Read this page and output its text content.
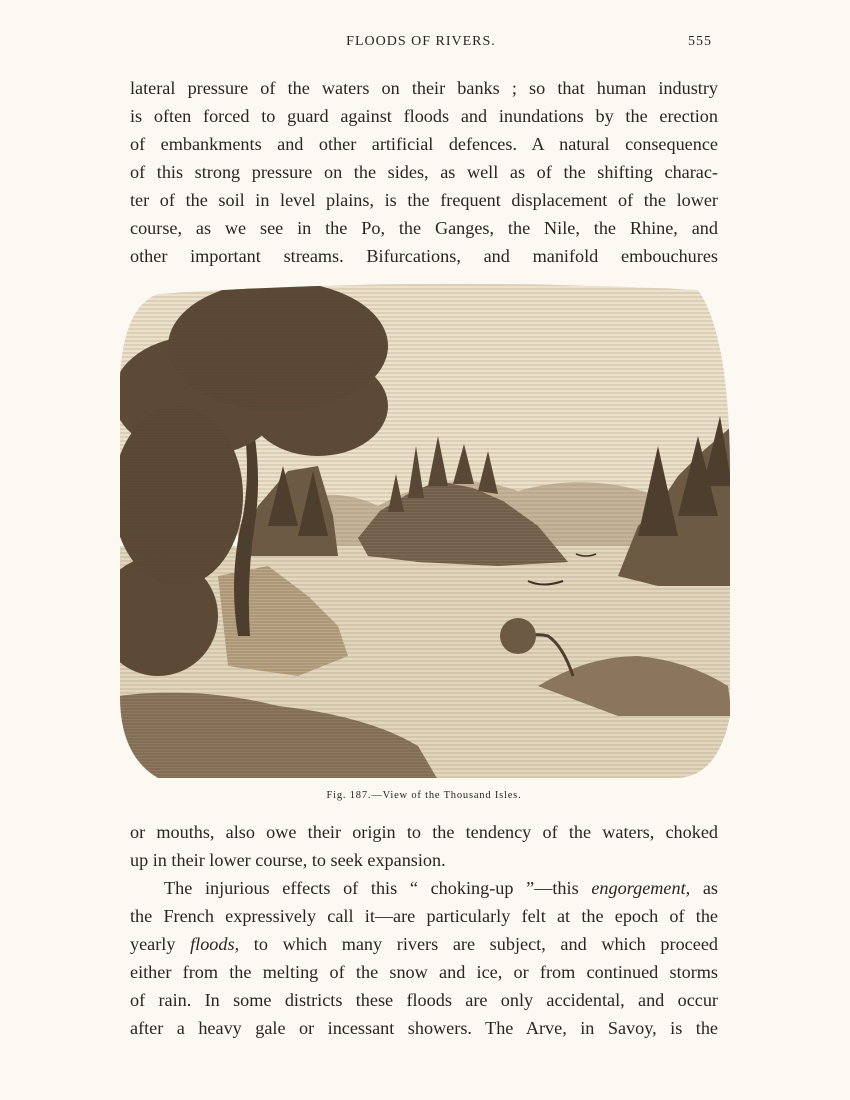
FLOODS OF RIVERS.	555

lateral pressure of the waters on their banks ; so that human industry

is often forced to guard against floods and inundations by the erection

of embankments and other artificial defences. A natural consequence

of this strong pressure on the sides, as well as of the shifting charac-

ter of the soil in level plains, is the frequent displacement of the lower

course, as we see in the Po, the Ganges, the Nile, the Rhine, and

other important streams. Bifurcations, and manifold embouchures

Fig. 187.—View of the Thousand Isles.

or mouths, also owe their origin to the tendency of the waters, choked

up in their lower course, to seek expansion.

The injurious effects of this “ choking-up ”—this engorgement, as

the French expressively call it—are particularly felt at the epoch of the

yearly floods, to which many rivers are subject, and which proceed

either from the melting of the snow and ice, or from continued storms

of rain. In some districts these floods are only accidental, and occur

after a heavy gale or incessant showers. The Arve, in Savoy, is the
